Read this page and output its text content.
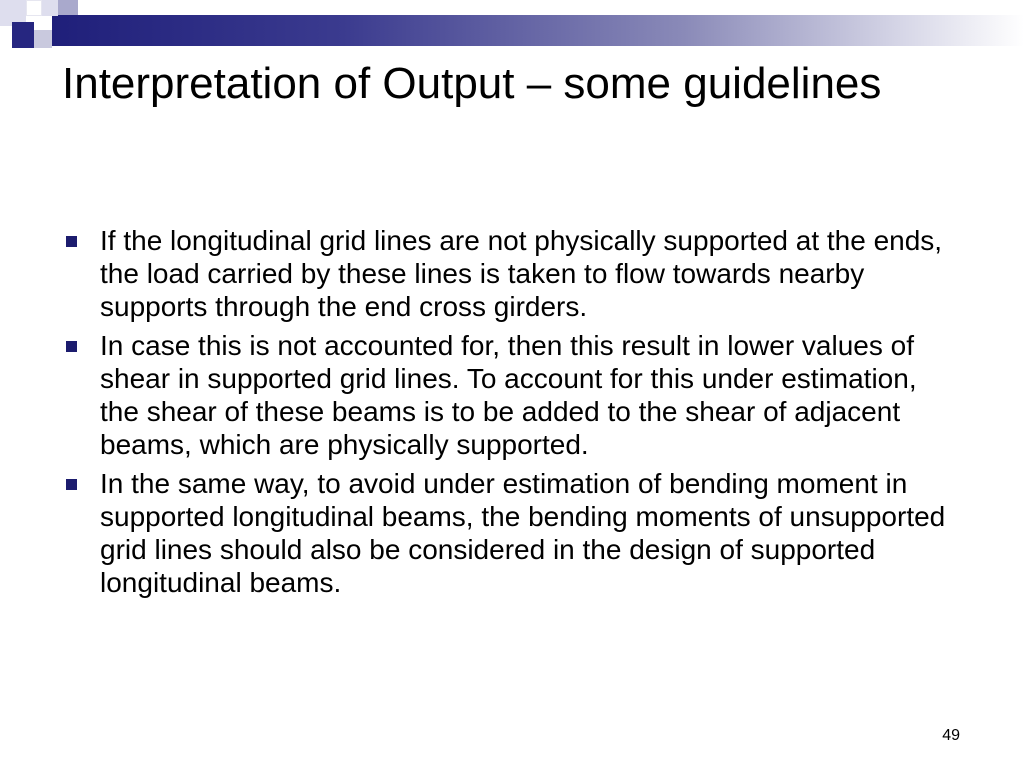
Interpretation of Output – some guidelines
If the longitudinal grid lines are not physically supported at the ends, the load carried by these lines is taken to flow towards nearby supports through the end cross girders.
In case this is not accounted for, then this result in lower values of shear in supported grid lines. To account for this under estimation, the shear of these beams is to be added to the shear of adjacent beams, which are physically supported.
In the same way, to avoid under estimation of bending moment in supported longitudinal beams, the bending moments of unsupported grid lines should also be considered in the design of supported longitudinal beams.
49
